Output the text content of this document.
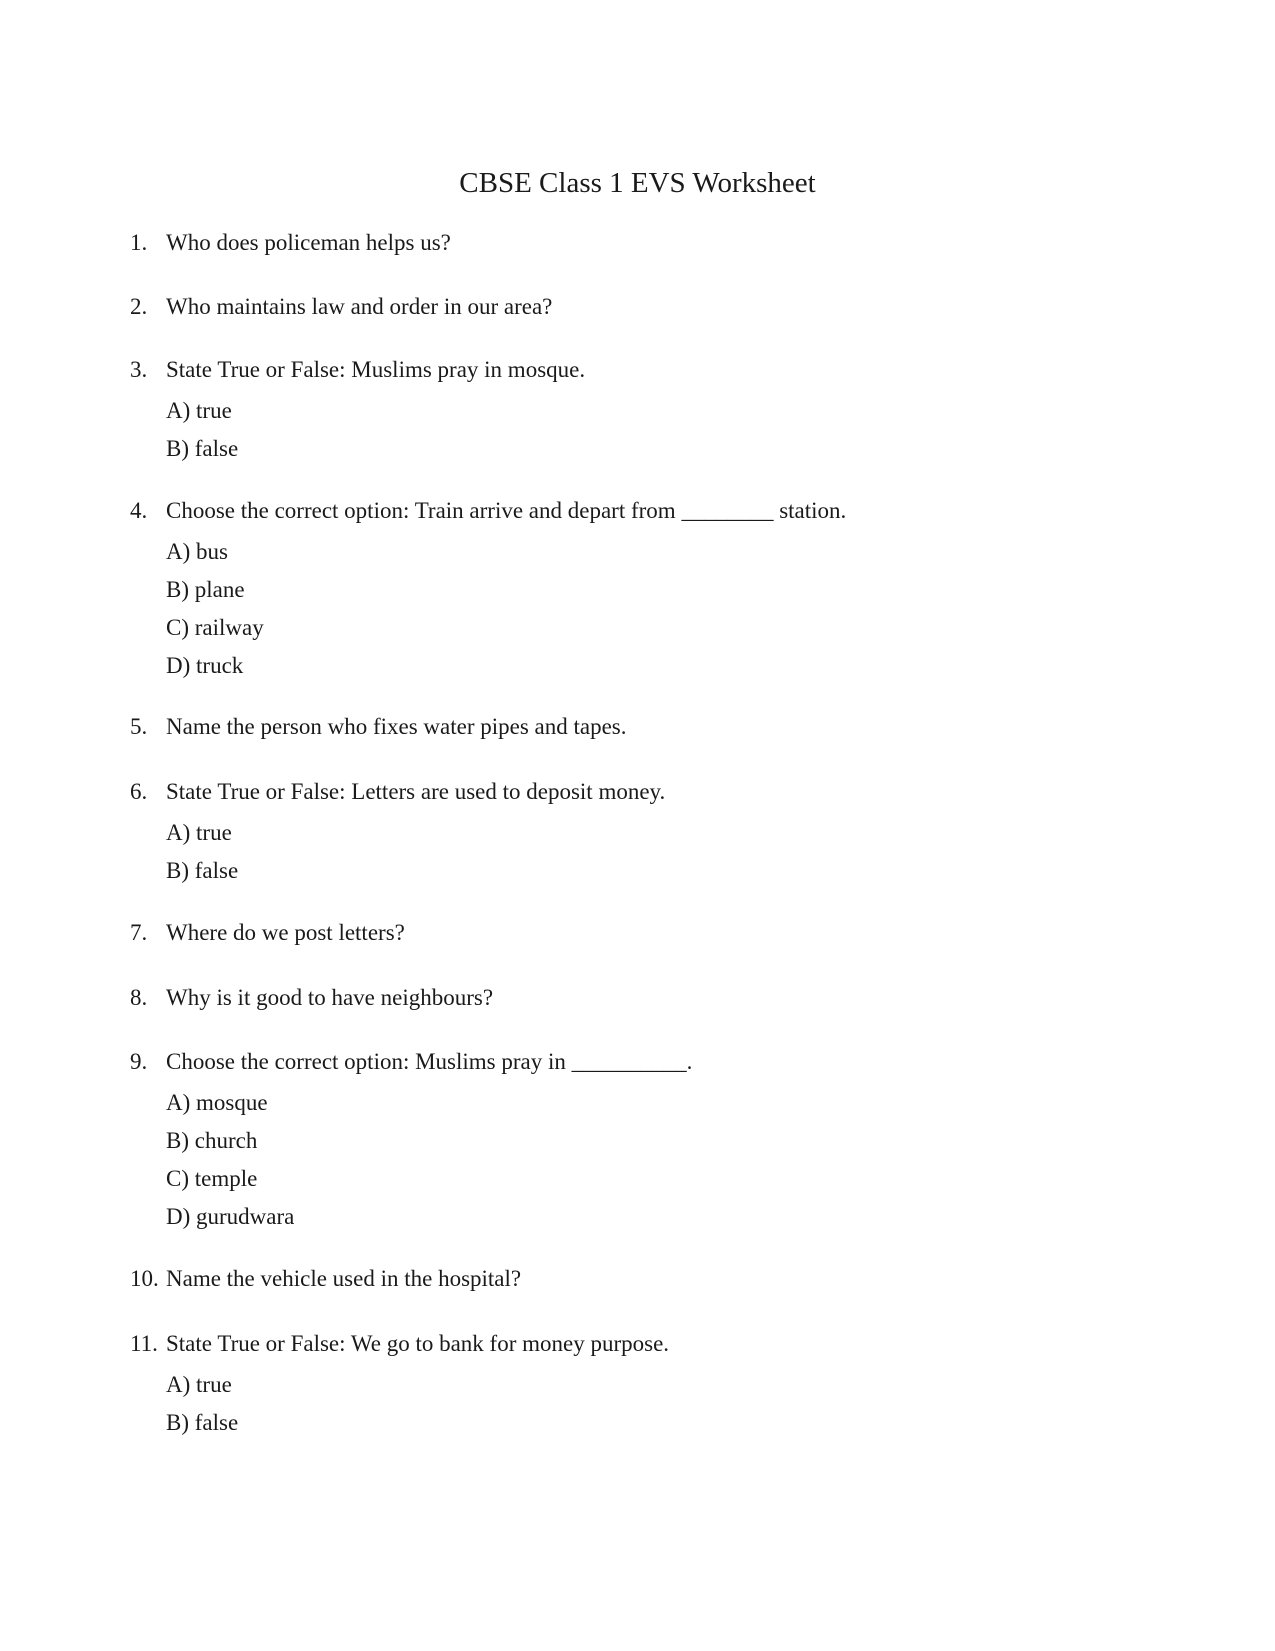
CBSE Class 1 EVS Worksheet
1. Who does policeman helps us?
2. Who maintains law and order in our area?
3. State True or False: Muslims pray in mosque.
A) true
B) false
4. Choose the correct option: Train arrive and depart from ________ station.
A) bus
B) plane
C) railway
D) truck
5. Name the person who fixes water pipes and tapes.
6. State True or False: Letters are used to deposit money.
A) true
B) false
7. Where do we post letters?
8. Why is it good to have neighbours?
9. Choose the correct option: Muslims pray in __________.
A) mosque
B) church
C) temple
D) gurudwara
10. Name the vehicle used in the hospital?
11. State True or False: We go to bank for money purpose.
A) true
B) false
